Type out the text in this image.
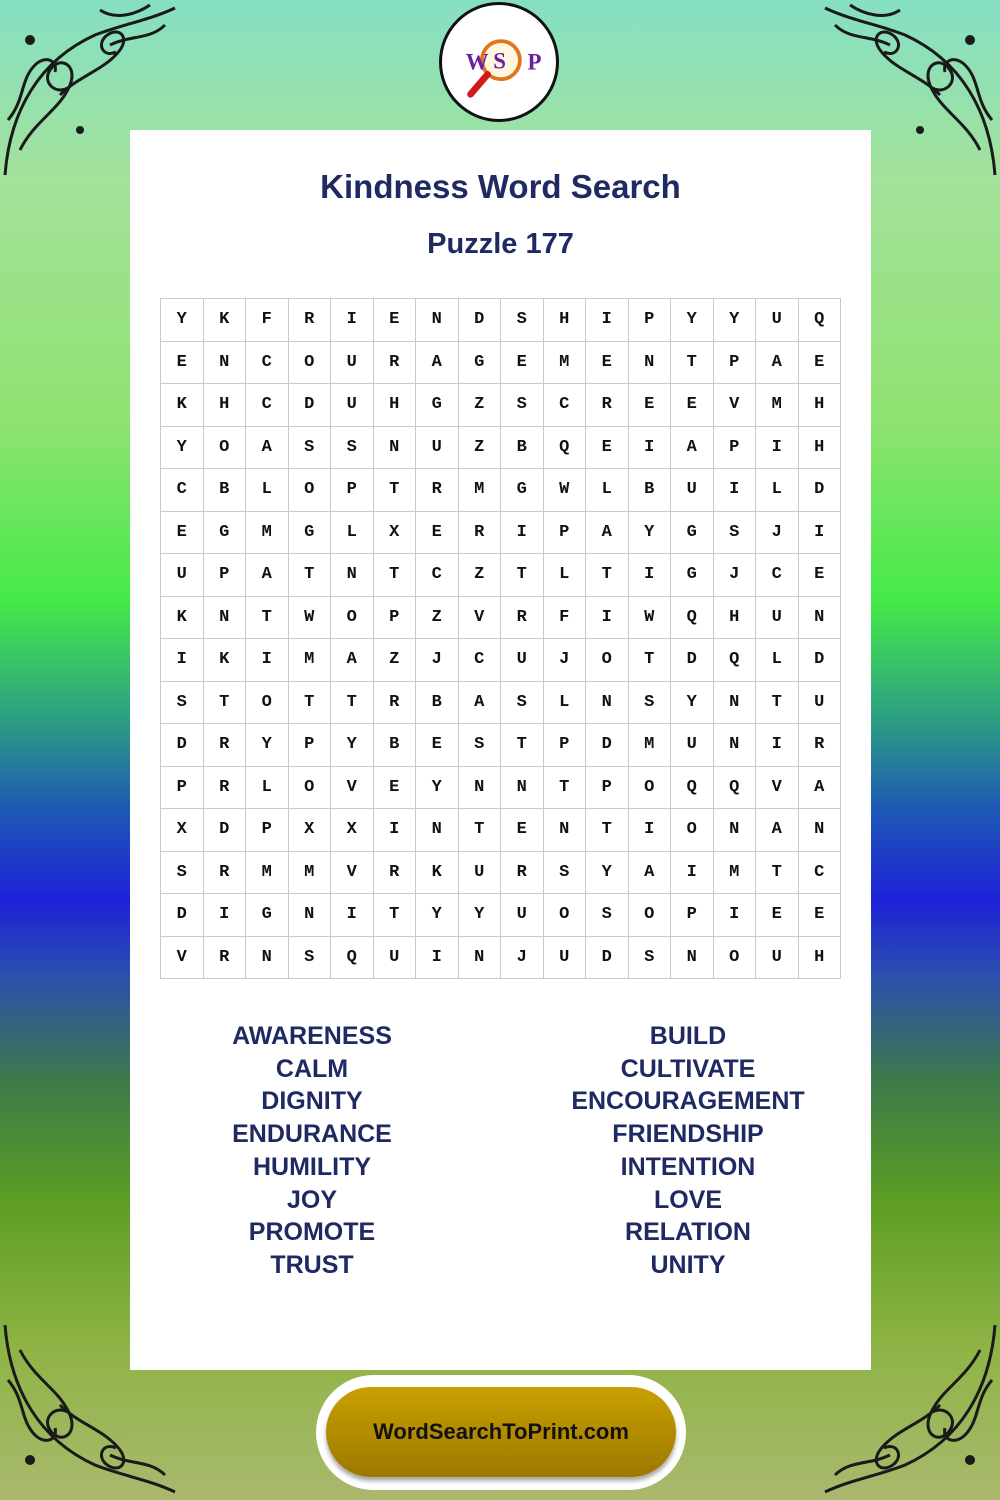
W S P
Kindness Word Search
Puzzle 177
Y	K	F	R	I	E	N	D	S	H	I	P	Y	Y	U	Q
E	N	C	O	U	R	A	G	E	M	E	N	T	P	A	E
K	H	C	D	U	H	G	Z	S	C	R	E	E	V	M	H
Y	O	A	S	S	N	U	Z	B	Q	E	I	A	P	I	H
C	B	L	O	P	T	R	M	G	W	L	B	U	I	L	D
E	G	M	G	L	X	E	R	I	P	A	Y	G	S	J	I
U	P	A	T	N	T	C	Z	T	L	T	I	G	J	C	E
K	N	T	W	O	P	Z	V	R	F	I	W	Q	H	U	N
I	K	I	M	A	Z	J	C	U	J	O	T	D	Q	L	D
S	T	O	T	T	R	B	A	S	L	N	S	Y	N	T	U
D	R	Y	P	Y	B	E	S	T	P	D	M	U	N	I	R
P	R	L	O	V	E	Y	N	N	T	P	O	Q	Q	V	A
X	D	P	X	X	I	N	T	E	N	T	I	O	N	A	N
S	R	M	M	V	R	K	U	R	S	Y	A	I	M	T	C
D	I	G	N	I	T	Y	Y	U	O	S	O	P	I	E	E
V	R	N	S	Q	U	I	N	J	U	D	S	N	O	U	H
AWARENESS
CALM
DIGNITY
ENDURANCE
HUMILITY
JOY
PROMOTE
TRUST
BUILD
CULTIVATE
ENCOURAGEMENT
FRIENDSHIP
INTENTION
LOVE
RELATION
UNITY
WordSearchToPrint.com
